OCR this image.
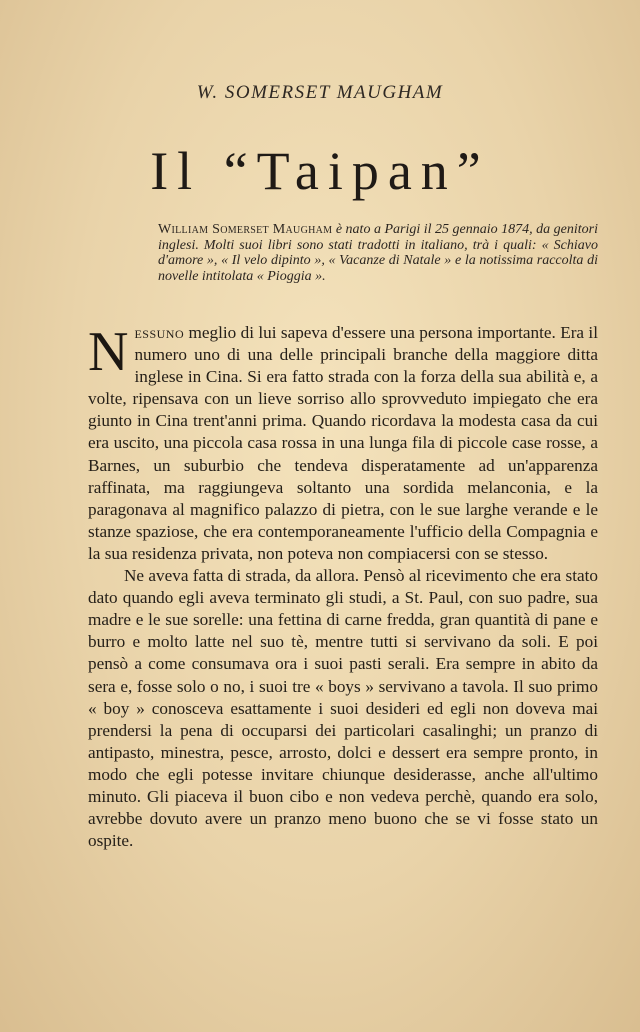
W. SOMERSET MAUGHAM
Il “Taipan”
William Somerset Maugham è nato a Parigi il 25 gennaio 1874, da genitori inglesi. Molti suoi libri sono stati tradotti in italiano, trà i quali: « Schiavo d'amore », « Il velo dipinto », « Vacanze di Natale » e la notissima raccolta di novelle intitolata « Pioggia ».

Nessuno meglio di lui sapeva d'essere una persona importante. Era il numero uno di una delle principali branche della maggiore ditta inglese in Cina. Si era fatto strada con la forza della sua abilità e, a volte, ripensava con un lieve sorriso allo sprovveduto impiegato che era giunto in Cina trent'anni prima. Quando ricordava la modesta casa da cui era uscito, una piccola casa rossa in una lunga fila di piccole case rosse, a Barnes, un suburbio che tendeva disperatamente ad un'apparenza raffinata, ma raggiungeva soltanto una sordida melanconia, e la paragonava al magnifico palazzo di pietra, con le sue larghe verande e le stanze spaziose, che era contemporaneamente l'ufficio della Compagnia e la sua residenza privata, non poteva non compiacersi con se stesso.

Ne aveva fatta di strada, da allora. Pensò al ricevimento che era stato dato quando egli aveva terminato gli studi, a St. Paul, con suo padre, sua madre e le sue sorelle: una fettina di carne fredda, gran quantità di pane e burro e molto latte nel suo tè, mentre tutti si servivano da soli. E poi pensò a come consumava ora i suoi pasti serali. Era sempre in abito da sera e, fosse solo o no, i suoi tre « boys » servivano a tavola. Il suo primo « boy » conosceva esattamente i suoi desideri ed egli non doveva mai prendersi la pena di occuparsi dei particolari casalinghi; un pranzo di antipasto, minestra, pesce, arrosto, dolci e dessert era sempre pronto, in modo che egli potesse invitare chiunque desiderasse, anche all'ultimo minuto. Gli piaceva il buon cibo e non vedeva perchè, quando era solo, avrebbe dovuto avere un pranzo meno buono che se vi fosse stato un ospite.
